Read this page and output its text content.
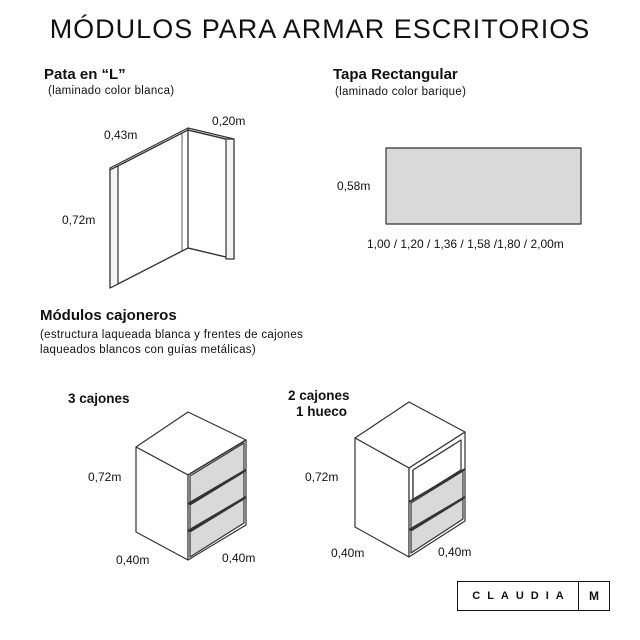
MÓDULOS PARA ARMAR ESCRITORIOS
Pata en “L”
(laminado color blanca)
0,43m
0,20m
0,72m
Tapa Rectangular
(laminado color barique)
0,58m
1,00 / 1,20 / 1,36 / 1,58 /1,80 / 2,00m
Módulos cajoneros
(estructura laqueada blanca y frentes de cajones
laqueados blancos con guías metálicas)
3 cajones
0,72m
0,40m	0,40m
2 cajones
1 hueco
0,72m
0,40m	0,40m
CLAUDIA	M
